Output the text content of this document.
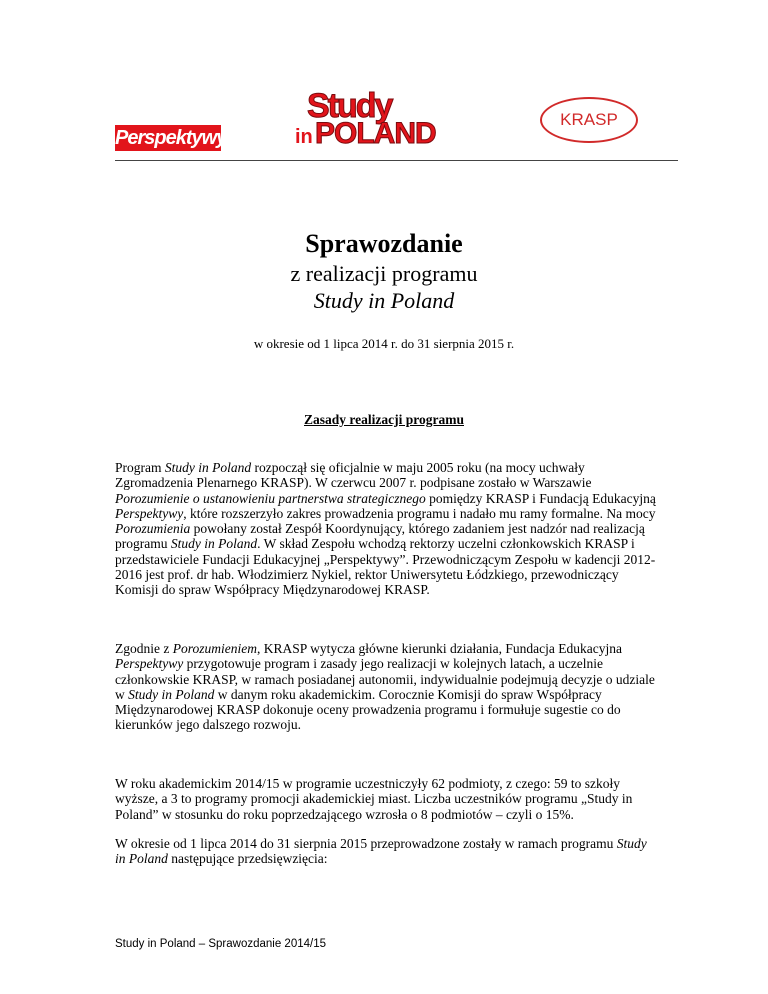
Perspektywy
Study
in POLAND	KRASP
Sprawozdanie
z realizacji programu
Study in Poland
w okresie od 1 lipca 2014 r. do 31 sierpnia 2015 r.
Zasady realizacji programu

Program Study in Poland rozpoczął się oficjalnie w maju 2005 roku (na mocy uchwały Zgromadzenia Plenarnego KRASP). W czerwcu 2007 r. podpisane zostało w Warszawie Porozumienie o ustanowieniu partnerstwa strategicznego pomiędzy KRASP i Fundacją Edukacyjną Perspektywy, które rozszerzyło zakres prowadzenia programu i nadało mu ramy formalne. Na mocy Porozumienia powołany został Zespół Koordynujący, którego zadaniem jest nadzór nad realizacją programu Study in Poland. W skład Zespołu wchodzą rektorzy uczelni członkowskich KRASP i przedstawiciele Fundacji Edukacyjnej „Perspektywy”. Przewodniczącym Zespołu w kadencji 2012-2016 jest prof. dr hab. Włodzimierz Nykiel, rektor Uniwersytetu Łódzkiego, przewodniczący Komisji do spraw Współpracy Międzynarodowej KRASP.

Zgodnie z Porozumieniem, KRASP wytycza główne kierunki działania, Fundacja Edukacyjna Perspektywy przygotowuje program i zasady jego realizacji w kolejnych latach, a uczelnie członkowskie KRASP, w ramach posiadanej autonomii, indywidualnie podejmują decyzje o udziale w Study in Poland w danym roku akademickim. Corocznie Komisji do spraw Współpracy Międzynarodowej KRASP dokonuje oceny prowadzenia programu i formułuje sugestie co do kierunków jego dalszego rozwoju.

W roku akademickim 2014/15 w programie uczestniczyły 62 podmioty, z czego: 59 to szkoły wyższe, a 3 to programy promocji akademickiej miast. Liczba uczestników programu „Study in Poland” w stosunku do roku poprzedzającego wzrosła o 8 podmiotów – czyli o 15%.

W okresie od 1 lipca 2014 do 31 sierpnia 2015 przeprowadzone zostały w ramach programu Study in Poland następujące przedsięwzięcia:

Study in Poland – Sprawozdanie 2014/15
